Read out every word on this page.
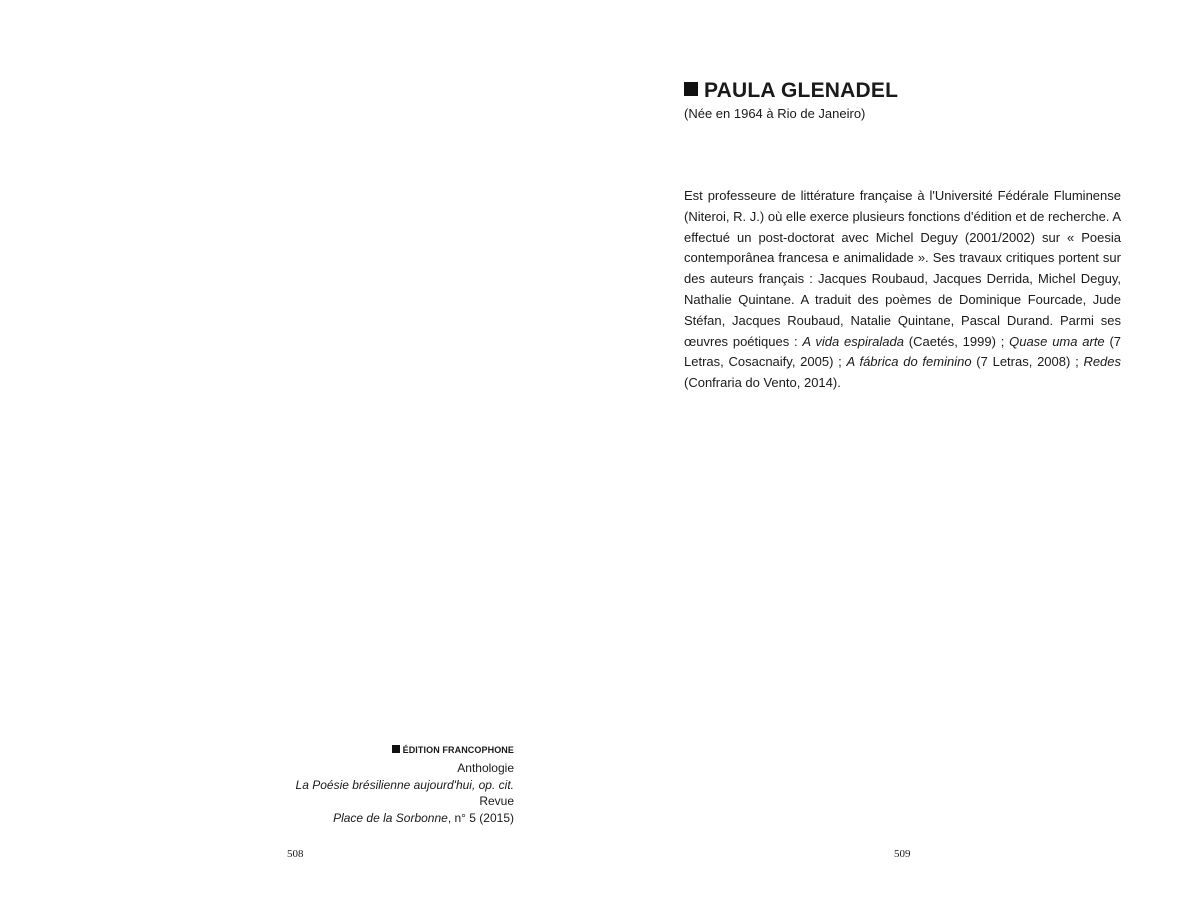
ÉDITION FRANCOPHONE
Anthologie
La Poésie brésilienne aujourd'hui, op. cit.
Revue
Place de la Sorbonne, n° 5 (2015)
508
PAULA GLENADEL
(Née en 1964 à Rio de Janeiro)
Est professeure de littérature française à l'Université Fédérale Fluminense (Niteroi, R. J.) où elle exerce plusieurs fonctions d'édition et de recherche. A effectué un post-doctorat avec Michel Deguy (2001/2002) sur « Poesia contemporânea francesa e animalidade ». Ses travaux critiques portent sur des auteurs français : Jacques Roubaud, Jacques Derrida, Michel Deguy, Nathalie Quintane. A traduit des poèmes de Dominique Fourcade, Jude Stéfan, Jacques Roubaud, Natalie Quintane, Pascal Durand. Parmi ses œuvres poétiques : A vida espiralada (Caetés, 1999) ; Quase uma arte (7 Letras, Cosacnaify, 2005) ; A fábrica do feminino (7 Letras, 2008) ; Redes (Confraria do Vento, 2014).
509
